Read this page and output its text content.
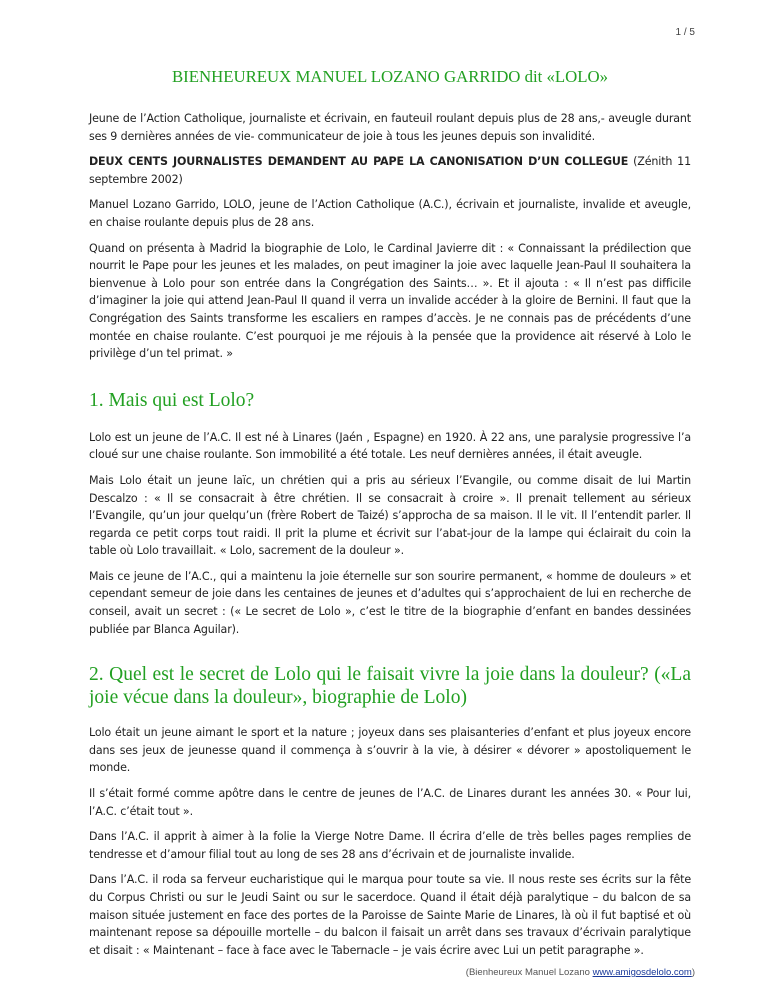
1 / 5
BIENHEUREUX MANUEL LOZANO GARRIDO dit «LOLO»

Jeune de l’Action Catholique, journaliste et écrivain, en fauteuil roulant depuis plus de 28 ans,- aveugle durant ses 9 dernières années de vie- communicateur de joie à tous les jeunes depuis son invalidité.

DEUX CENTS JOURNALISTES DEMANDENT AU PAPE LA CANONISATION D’UN COLLEGUE (Zénith 11 septembre 2002)

Manuel Lozano Garrido, LOLO, jeune de l’Action Catholique (A.C.), écrivain et journaliste, invalide et aveugle, en chaise roulante depuis plus de 28 ans.

Quand on présenta à Madrid la biographie de Lolo, le Cardinal Javierre dit : « Connaissant la prédilection que nourrit le Pape pour les jeunes et les malades, on peut imaginer la joie avec laquelle Jean-Paul II souhaitera la bienvenue à Lolo pour son entrée dans la Congrégation des Saints… ». Et il ajouta : « Il n’est pas difficile d’imaginer la joie qui attend Jean-Paul II quand il verra un invalide accéder à la gloire de Bernini. Il faut que la Congrégation des Saints transforme les escaliers en rampes d’accès. Je ne connais pas de précédents d’une montée en chaise roulante. C’est pourquoi je me réjouis à la pensée que la providence ait réservé à Lolo le privilège d’un tel primat. »

1. Mais qui est Lolo?

Lolo est un jeune de l’A.C. Il est né à Linares (Jaén , Espagne) en 1920. À 22 ans, une paralysie progressive l’a cloué sur une chaise roulante. Son immobilité a été totale. Les neuf dernières années, il était aveugle.

Mais Lolo était un jeune laïc, un chrétien qui a pris au sérieux l’Evangile, ou comme disait de lui Martin Descalzo : « Il se consacrait à être chrétien. Il se consacrait à croire ». Il prenait tellement au sérieux l’Evangile, qu’un jour quelqu’un (frère Robert de Taizé) s’approcha de sa maison. Il le vit. Il l’entendit parler. Il regarda ce petit corps tout raidi. Il prit la plume et écrivit sur l’abat-jour de la lampe qui éclairait du coin la table où Lolo travaillait. « Lolo, sacrement de la douleur ».

Mais ce jeune de l’A.C., qui a maintenu la joie éternelle sur son sourire permanent, « homme de douleurs » et cependant semeur de joie dans les centaines de jeunes et d’adultes qui s’approchaient de lui en recherche de conseil, avait un secret : (« Le secret de Lolo », c’est le titre de la biographie d’enfant en bandes dessinées publiée par Blanca Aguilar).

2. Quel est le secret de Lolo qui le faisait vivre la joie dans la douleur? («La joie vécue dans la douleur», biographie de Lolo)

Lolo était un jeune aimant le sport et la nature ; joyeux dans ses plaisanteries d’enfant et plus joyeux encore dans ses jeux de jeunesse quand il commença à s’ouvrir à la vie, à désirer « dévorer » apostoliquement le monde.

Il s’était formé comme apôtre dans le centre de jeunes de l’A.C. de Linares durant les années 30. « Pour lui, l’A.C. c’était tout ».

Dans l’A.C. il apprit à aimer à la folie la Vierge Notre Dame. Il écrira d’elle de très belles pages remplies de tendresse et d’amour filial tout au long de ses 28 ans d’écrivain et de journaliste invalide.

Dans l’A.C. il roda sa ferveur eucharistique qui le marqua pour toute sa vie. Il nous reste ses écrits sur la fête du Corpus Christi ou sur le Jeudi Saint ou sur le sacerdoce. Quand il était déjà paralytique – du balcon de sa maison située justement en face des portes de la Paroisse de Sainte Marie de Linares, là où il fut baptisé et où maintenant repose sa dépouille mortelle – du balcon il faisait un arrêt dans ses travaux d’écrivain paralytique et disait : « Maintenant – face à face avec le Tabernacle – je vais écrire avec Lui un petit paragraphe ».

(Bienheureux Manuel Lozano www.amigosdelolo.com)
